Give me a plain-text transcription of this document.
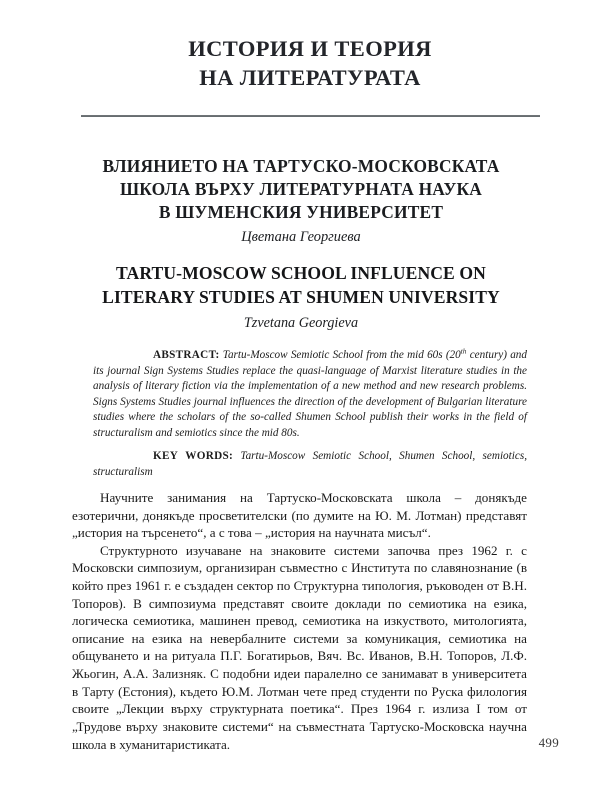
ИСТОРИЯ И ТЕОРИЯ
НА ЛИТЕРАТУРАТА
ВЛИЯНИЕТО НА ТАРТУСКО-МОСКОВСКАТА
ШКОЛА ВЪРХУ ЛИТЕРАТУРНАТА НАУКА
В ШУМЕНСКИЯ УНИВЕРСИТЕТ
Цветана Георгиева
TARTU-MOSCOW SCHOOL INFLUENCE ON
LITERARY STUDIES AT SHUMEN UNIVERSITY
Tzvetana Georgieva
ABSTRACT: Tartu-Moscow Semiotic School from the mid 60s (20th century) and its journal Sign Systems Studies replace the quasi-language of Marxist literature studies in the analysis of literary fiction via the implementation of a new method and new research problems. Signs Systems Studies journal influences the direction of the development of Bulgarian literature studies where the scholars of the so-called Shumen School publish their works in the field of structuralism and semiotics since the mid 80s.
KEY WORDS: Tartu-Moscow Semiotic School, Shumen School, semiotics, structuralism

Научните занимания на Тартуско-Московската школа – донякъде езотерични, донякъде просветителски (по думите на Ю. М. Лотман) представят „история на търсенето“, а с това – „история на научната мисъл“.

Структурното изучаване на знаковите системи започва през 1962 г. с Московски симпозиум, организиран съвместно с Института по славянознание (в който през 1961 г. е създаден сектор по Структурна типология, ръководен от В.Н. Топоров). В симпозиума представят своите доклади по семиотика на езика, логическа семиотика, машинен превод, семиотика на изкуството, митологията, описание на езика на невербалните системи за комуникация, семиотика на общуването и на ритуала П.Г. Богатирьов, Вяч. Вс. Иванов, В.Н. Топоров, Л.Ф. Жьогин, А.А. Зализняк. С подобни идеи паралелно се занимават в университета в Тарту (Естония), където Ю.М. Лотман чете пред студенти по Руска филология своите „Лекции върху структурната поетика“. През 1964 г. излиза I том от „Трудове върху знаковите системи“ на съвместната Тартуско-Московска научна школа в хуманитаристиката.	499
